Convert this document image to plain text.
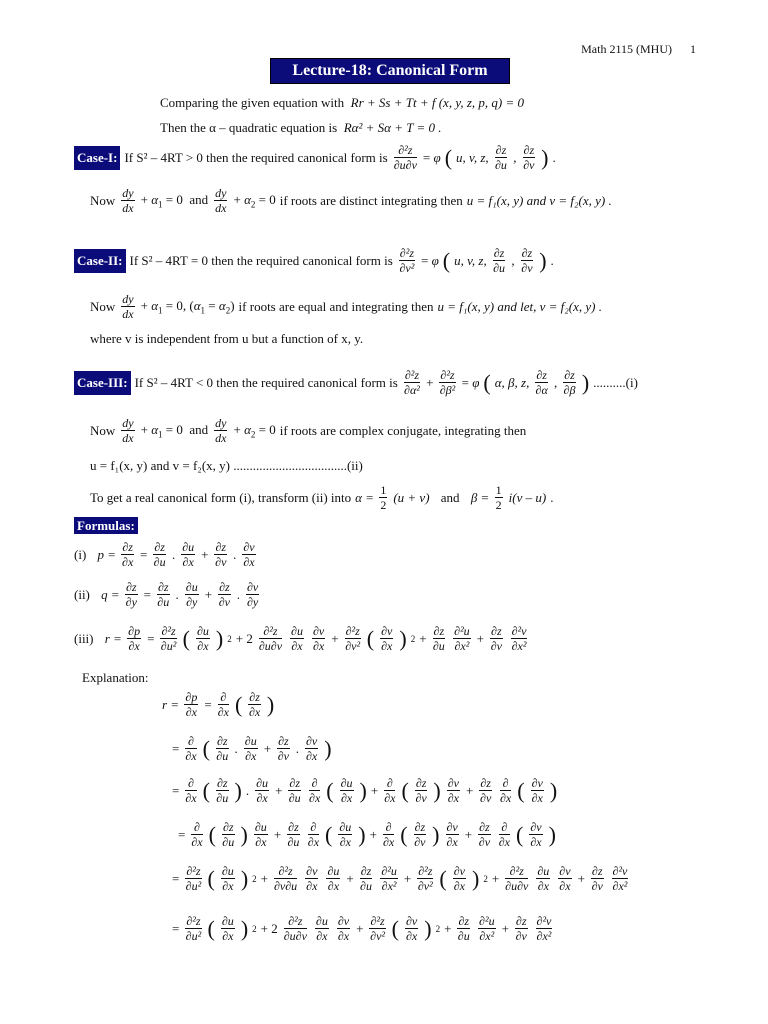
Math 2115 (MHU) 1
Lecture-18: Canonical Form
Comparing the given equation with Rr + Ss + Tt + f (x, y, z, p, q) = 0
Then the α – quadratic equation is Rα² + Sα + T = 0 .
Case-I: If S² – 4RT > 0 then the required canonical form is $\frac{\text{∂²z}}{\partial u\partial v} = \varphi$ ( u, v, z, $\frac{\partial z}{\partial u}$ , $\frac{\partial z}{\partial v}$ ) .
Now $\frac{dy}{dx} + \alpha_1 = 0$  and $\frac{dy}{dx} + \alpha_2 = 0$ if roots are distinct integrating then u = f₁(x, y) and v = f₂(x, y) .
Case-II: If S² – 4RT = 0 then the required canonical form is $\frac{\text{∂²z}}{\text{∂v²}} = \varphi$ ( u, v, z, $\frac{\partial z}{\partial u}$ , $\frac{\partial z}{\partial v}$ ) .
Now $\frac{dy}{dx} + \alpha_1 = 0$, $(\alpha_1 = \alpha_2)$ if roots are equal and integrating then u = f₁(x, y) and let, v = f₂(x, y) .
where v is independent from u but a function of x, y.
Case-III: If S² – 4RT < 0 then the required canonical form is $\frac{\text{∂²z}}{\text{∂α²}} + \frac{\text{∂²z}}{\text{∂β²}} = \varphi$ ( α, β, z, $\frac{\partial z}{\partial\alpha}$ , $\frac{\partial z}{\partial\beta}$ ) ..........(i)
Now $\frac{dy}{dx} + \alpha_1 = 0$  and $\frac{dy}{dx} + \alpha_2 = 0$ if roots are complex conjugate, integrating then
u = f₁(x, y) and v = f₂(x, y) ...................................(ii)
To get a real canonical form (i), transform (ii) into $\alpha = \frac{1}{2} (u + v)$
and
$\beta = \frac{1}{2} i(v - u)$ .
Formulas:
(i)
$p = \frac{\partial z}{\partial x} = \frac{\partial z}{\partial u}$ . $\frac{\partial u}{\partial x} + \frac{\partial z}{\partial v}$ . $\frac{\partial v}{\partial x}$
(ii)
$q = \frac{\partial z}{\partial y} = \frac{\partial z}{\partial u}$ . $\frac{\partial u}{\partial y} + \frac{\partial z}{\partial v}$ . $\frac{\partial v}{\partial y}$
(iii)
$r = \frac{\partial p}{\partial x} = \frac{\text{∂²z}}{\text{∂u²}}$ ( $\frac{\partial u}{\partial x}$ ) $2 + 2 \frac{\text{∂²z}}{\partial u\partial v} \frac{\partial u}{\partial x} \frac{\partial v}{\partial x} + \frac{\text{∂²z}}{\text{∂v²}}$ ( $\frac{\partial v}{\partial x}$ ) $2 + \frac{\partial z}{\partial u} \frac{\text{∂²u}}{\text{∂x²}} + \frac{\partial z}{\partial v} \frac{\text{∂²v}}{\text{∂x²}}$
Explanation:
$r = \frac{\partial p}{\partial x} = \frac{\partial}{\partial x}$ ( $\frac{\partial z}{\partial x}$ )
= $\frac{\partial}{\partial x}$ ( $\frac{\partial z}{\partial u}$ . $\frac{\partial u}{\partial x} + \frac{\partial z}{\partial v}$ . $\frac{\partial v}{\partial x}$ )
= $\frac{\partial}{\partial x}$ ( $\frac{\partial z}{\partial u}$ ) . $\frac{\partial u}{\partial x} + \frac{\partial z}{\partial u} \frac{\partial}{\partial x}$ ( $\frac{\partial u}{\partial x}$ ) + $\frac{\partial}{\partial x}$ ( $\frac{\partial z}{\partial v}$ ) $\frac{\partial v}{\partial x} + \frac{\partial z}{\partial v} \frac{\partial}{\partial x}$ ( $\frac{\partial v}{\partial x}$ )
= $\frac{\partial}{\partial x}$ ( $\frac{\partial z}{\partial u}$ ) $\frac{\partial u}{\partial x} + \frac{\partial z}{\partial u} \frac{\partial}{\partial x}$ ( $\frac{\partial u}{\partial x}$ ) + $\frac{\partial}{\partial x}$ ( $\frac{\partial z}{\partial v}$ ) $\frac{\partial v}{\partial x} + \frac{\partial z}{\partial v} \frac{\partial}{\partial x}$ ( $\frac{\partial v}{\partial x}$ )
= $\frac{\text{∂²z}}{\text{∂u²}}$ ( $\frac{\partial u}{\partial x}$ ) $2 + \frac{\text{∂²z}}{\partial v\partial u} \frac{\partial v}{\partial x} \frac{\partial u}{\partial x} + \frac{\partial z}{\partial u} \frac{\text{∂²u}}{\text{∂x²}} + \frac{\text{∂²z}}{\text{∂v²}}$ ( $\frac{\partial v}{\partial x}$ ) $2 + \frac{\text{∂²z}}{\partial u\partial v} \frac{\partial u}{\partial x} \frac{\partial v}{\partial x} + \frac{\partial z}{\partial v} \frac{\text{∂²v}}{\text{∂x²}}$
= $\frac{\text{∂²z}}{\text{∂u²}}$ ( $\frac{\partial u}{\partial x}$ ) $2 + 2 \frac{\text{∂²z}}{\partial u\partial v} \frac{\partial u}{\partial x} \frac{\partial v}{\partial x} + \frac{\text{∂²z}}{\text{∂v²}}$ ( $\frac{\partial v}{\partial x}$ ) $2 + \frac{\partial z}{\partial u} \frac{\text{∂²u}}{\text{∂x²}} + \frac{\partial z}{\partial v} \frac{\text{∂²v}}{\text{∂x²}}$
